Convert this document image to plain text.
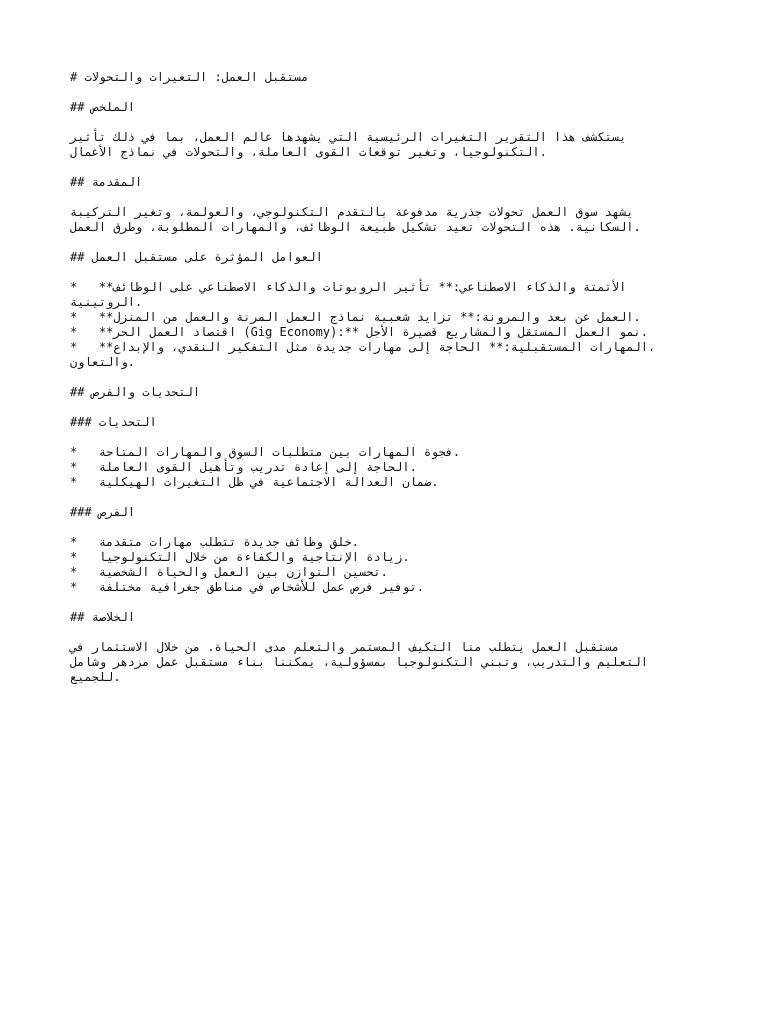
# مستقبل العمل: التغيرات والتحولات
## الملخص
يستكشف هذا التقرير التغيرات الرئيسية التي يشهدها عالم العمل، بما في ذلك تأثير
التكنولوجيا، وتغير توقعات القوى العاملة، والتحولات في نماذج الأعمال.
## المقدمة
يشهد سوق العمل تحولات جذرية مدفوعة بالتقدم التكنولوجي، والعولمة، وتغير التركيبة
السكانية. هذه التحولات تعيد تشكيل طبيعة الوظائف، والمهارات المطلوبة، وطرق العمل.
## العوامل المؤثرة على مستقبل العمل
*   **الأتمتة والذكاء الاصطناعي:** تأثير الروبوتات والذكاء الاصطناعي على الوظائف
الروتينية.
*   **العمل عن بعد والمرونة:** تزايد شعبية نماذج العمل المرنة والعمل من المنزل.
*   **اقتصاد العمل الحر (Gig Economy):** نمو العمل المستقل والمشاريع قصيرة الأجل.
*   **المهارات المستقبلية:** الحاجة إلى مهارات جديدة مثل التفكير النقدي، والإبداع،
والتعاون.
## التحديات والفرص
### التحديات
*   فجوة المهارات بين متطلبات السوق والمهارات المتاحة.
*   الحاجة إلى إعادة تدريب وتأهيل القوى العاملة.
*   ضمان العدالة الاجتماعية في ظل التغيرات الهيكلية.
### الفرص
*   خلق وظائف جديدة تتطلب مهارات متقدمة.
*   زيادة الإنتاجية والكفاءة من خلال التكنولوجيا.
*   تحسين التوازن بين العمل والحياة الشخصية.
*   توفير فرص عمل للأشخاص في مناطق جغرافية مختلفة.
## الخلاصة
مستقبل العمل يتطلب منا التكيف المستمر والتعلم مدى الحياة. من خلال الاستثمار في
التعليم والتدريب، وتبني التكنولوجيا بمسؤولية، يمكننا بناء مستقبل عمل مزدهر وشامل
للجميع.
